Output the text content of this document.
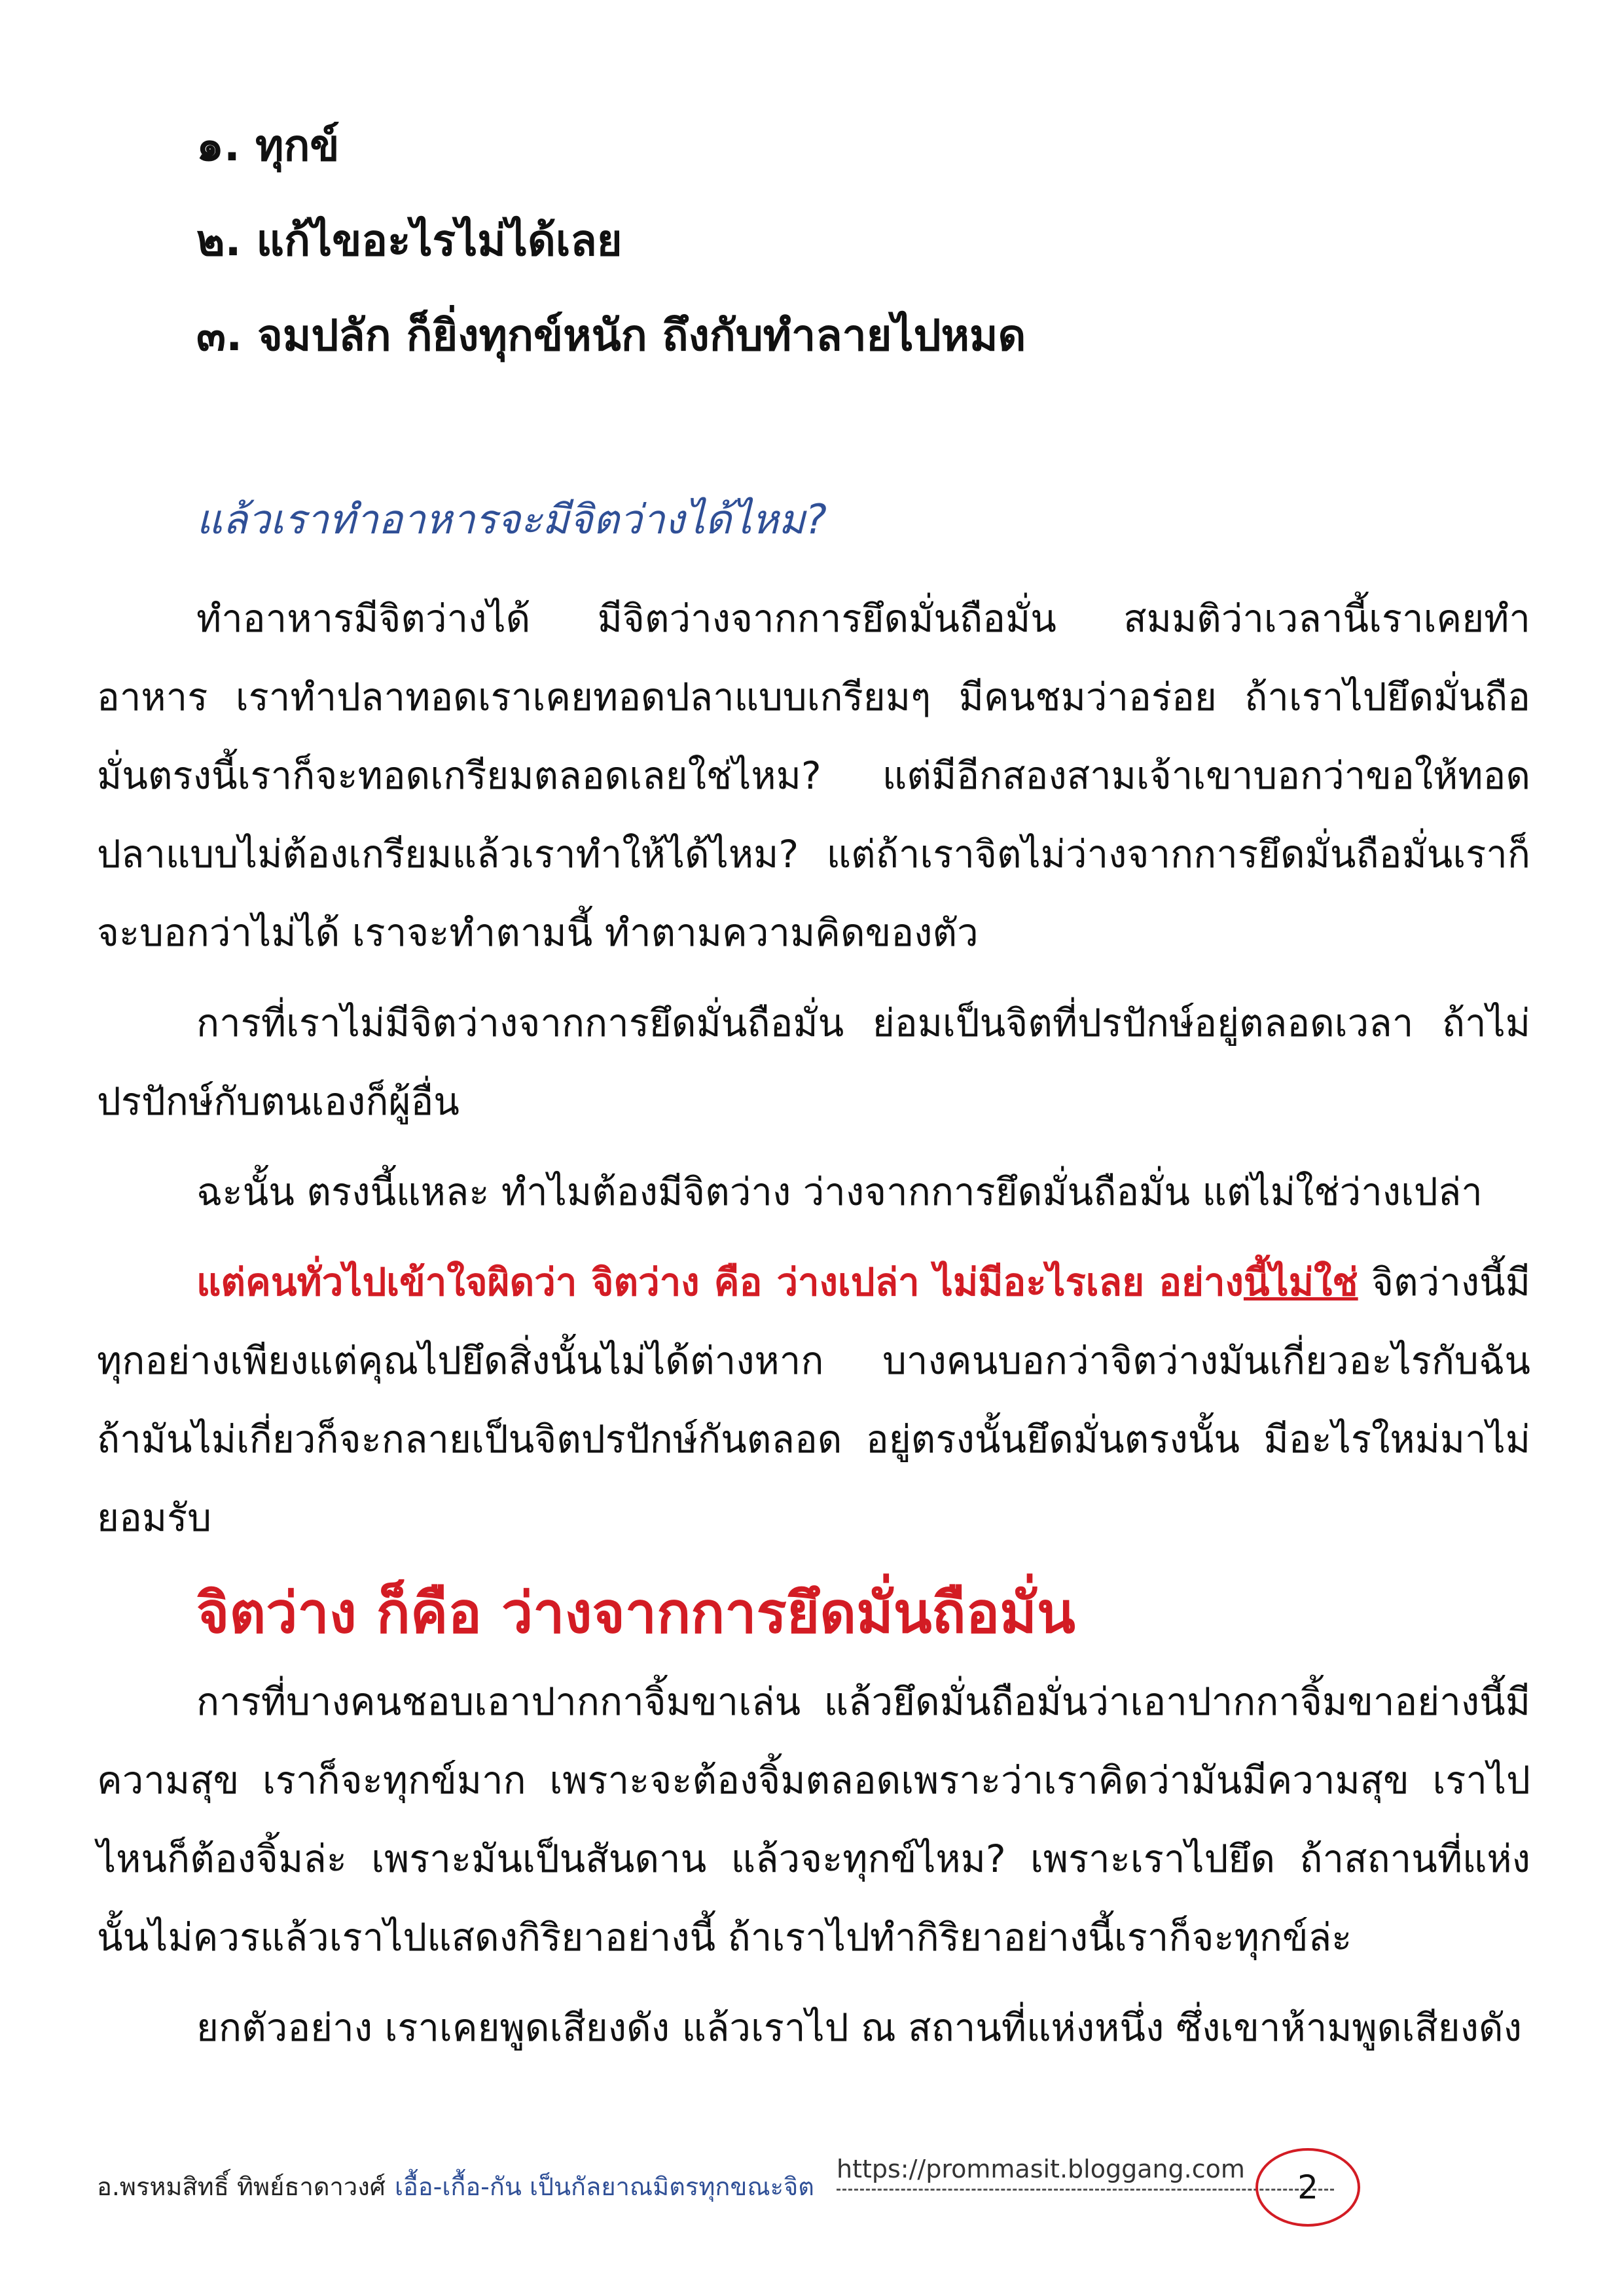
๑. ทุกข์
๒. แก้ไขอะไรไม่ได้เลย
๓. จมปลัก ก็ยิ่งทุกข์หนัก ถึงกับทำลายไปหมด
แล้วเราทำอาหารจะมีจิตว่างได้ไหม?

ทำอาหารมีจิตว่างได้ มีจิตว่างจากการยึดมั่นถือมั่น สมมติว่าเวลานี้เราเคยทำอาหาร เราทำปลาทอดเราเคยทอดปลาแบบเกรียมๆ มีคนชมว่าอร่อย ถ้าเราไปยึดมั่นถือมั่นตรงนี้เราก็จะทอดเกรียมตลอดเลยใช่ไหม? แต่มีอีกสองสามเจ้าเขาบอกว่าขอให้ทอดปลาแบบไม่ต้องเกรียมแล้วเราทำให้ได้ไหม? แต่ถ้าเราจิตไม่ว่างจากการยึดมั่นถือมั่นเราก็จะบอกว่าไม่ได้ เราจะทำตามนี้ ทำตามความคิดของตัว

การที่เราไม่มีจิตว่างจากการยึดมั่นถือมั่น ย่อมเป็นจิตที่ปรปักษ์อยู่ตลอดเวลา ถ้าไม่ปรปักษ์กับตนเองก็ผู้อื่น

ฉะนั้น ตรงนี้แหละ ทำไมต้องมีจิตว่าง ว่างจากการยึดมั่นถือมั่น แต่ไม่ใช่ว่างเปล่า

แต่คนทั่วไปเข้าใจผิดว่า จิตว่าง คือ ว่างเปล่า ไม่มีอะไรเลย อย่างนี้ไม่ใช่ จิตว่างนี้มีทุกอย่างเพียงแต่คุณไปยึดสิ่งนั้นไม่ได้ต่างหาก บางคนบอกว่าจิตว่างมันเกี่ยวอะไรกับฉัน ถ้ามันไม่เกี่ยวก็จะกลายเป็นจิตปรปักษ์กันตลอด อยู่ตรงนั้นยึดมั่นตรงนั้น มีอะไรใหม่มาไม่ยอมรับ

จิตว่าง ก็คือ ว่างจากการยึดมั่นถือมั่น

การที่บางคนชอบเอาปากกาจิ้มขาเล่น แล้วยึดมั่นถือมั่นว่าเอาปากกาจิ้มขาอย่างนี้มีความสุข เราก็จะทุกข์มาก เพราะจะต้องจิ้มตลอดเพราะว่าเราคิดว่ามันมีความสุข เราไปไหนก็ต้องจิ้มล่ะ เพราะมันเป็นสันดาน แล้วจะทุกข์ไหม? เพราะเราไปยึด ถ้าสถานที่แห่งนั้นไม่ควรแล้วเราไปแสดงกิริยาอย่างนี้ ถ้าเราไปทำกิริยาอย่างนี้เราก็จะทุกข์ล่ะ

ยกตัวอย่าง เราเคยพูดเสียงดัง แล้วเราไป ณ สถานที่แห่งหนึ่ง ซึ่งเขาห้ามพูดเสียงดัง

อ.พรหมสิทธิ์ ทิพย์ธาดาวงศ์ เอื้อ-เกื้อ-กัน เป็นกัลยาณมิตรทุกขณะจิต
https://prommasit.bloggang.com	2
